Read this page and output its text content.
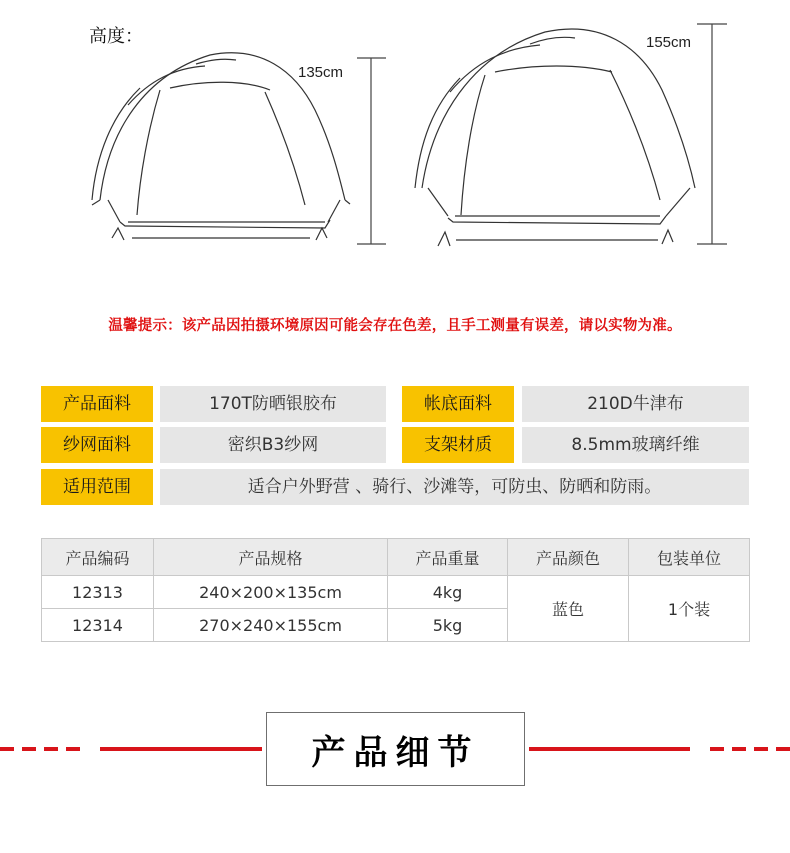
高度：
135cm
155cm
温馨提示：该产品因拍摄环境原因可能会存在色差，且手工测量有误差，请以实物为准。
产品面料	170T防晒银胶布	帐底面料	210D牛津布
纱网面料	密织B3纱网	支架材质	8.5mm玻璃纤维
适用范围	适合户外野营 、骑行、沙滩等，可防虫、防晒和防雨。
产品编码	产品规格	产品重量	产品颜色	包装单位
12313	240×200×135cm	4kg	蓝色	1个装
12314	270×240×155cm	5kg		
产品细节
